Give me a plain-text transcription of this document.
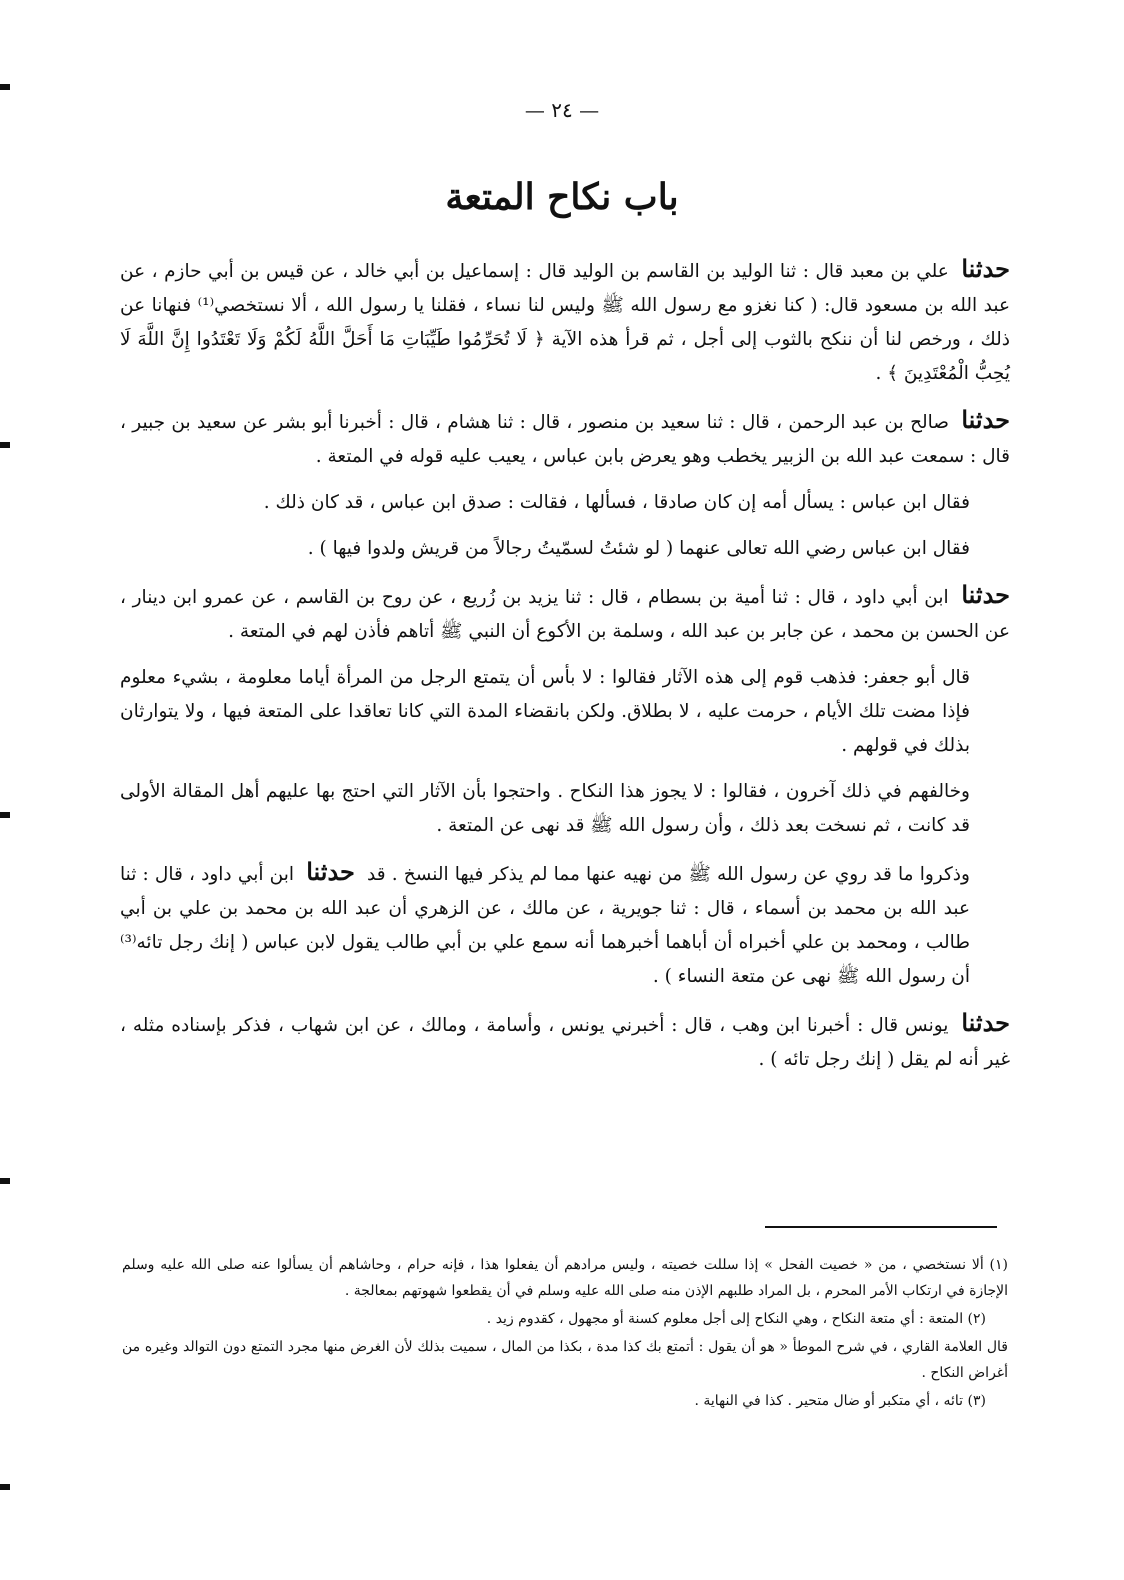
— ٢٤ —
باب نكاح المتعة

حدثنا علي بن معبد قال : ثنا الوليد بن القاسم بن الوليد قال : إسماعيل بن أبي خالد ، عن قيس بن أبي حازم ، عن عبد الله بن مسعود قال: ( كنا نغزو مع رسول الله ﷺ وليس لنا نساء ، فقلنا يا رسول الله ، ألا نستخصي⁽¹⁾ فنهانا عن ذلك ، ورخص لنا أن ننكح بالثوب إلى أجل ، ثم قرأ هذه الآية ﴿ لَا تُحَرِّمُوا طَيِّبَاتِ مَا أَحَلَّ اللَّهُ لَكُمْ وَلَا تَعْتَدُوا إِنَّ اللَّهَ لَا يُحِبُّ الْمُعْتَدِينَ ﴾ .

حدثنا صالح بن عبد الرحمن ، قال : ثنا سعيد بن منصور ، قال : ثنا هشام ، قال : أخبرنا أبو بشر عن سعيد بن جبير ، قال : سمعت عبد الله بن الزبير يخطب وهو يعرض بابن عباس ، يعيب عليه قوله في المتعة .

فقال ابن عباس : يسأل أمه إن كان صادقا ، فسألها ، فقالت : صدق ابن عباس ، قد كان ذلك .

فقال ابن عباس رضي الله تعالى عنهما ( لو شئتُ لسمّيتُ رجالاً من قريش ولدوا فيها ) .

حدثنا ابن أبي داود ، قال : ثنا أمية بن بسطام ، قال : ثنا يزيد بن زُريع ، عن روح بن القاسم ، عن عمرو ابن دينار ، عن الحسن بن محمد ، عن جابر بن عبد الله ، وسلمة بن الأكوع أن النبي ﷺ أتاهم فأذن لهم في المتعة .

قال أبو جعفر: فذهب قوم إلى هذه الآثار فقالوا : لا بأس أن يتمتع الرجل من المرأة أياما معلومة ، بشيء معلوم فإذا مضت تلك الأيام ، حرمت عليه ، لا بطلاق. ولكن بانقضاء المدة التي كانا تعاقدا على المتعة فيها ، ولا يتوارثان بذلك في قولهم .

وخالفهم في ذلك آخرون ، فقالوا : لا يجوز هذا النكاح . واحتجوا بأن الآثار التي احتج بها عليهم أهل المقالة الأولى قد كانت ، ثم نسخت بعد ذلك ، وأن رسول الله ﷺ قد نهى عن المتعة .

وذكروا ما قد روي عن رسول الله ﷺ من نهيه عنها مما لم يذكر فيها النسخ . قد حدثنا ابن أبي داود ، قال : ثنا عبد الله بن محمد بن أسماء ، قال : ثنا جويرية ، عن مالك ، عن الزهري أن عبد الله بن محمد بن علي بن أبي طالب ، ومحمد بن علي أخبراه أن أباهما أخبرهما أنه سمع علي بن أبي طالب يقول لابن عباس ( إنك رجل تائه⁽³⁾ أن رسول الله ﷺ نهى عن متعة النساء ) .

حدثنا يونس قال : أخبرنا ابن وهب ، قال : أخبرني يونس ، وأسامة ، ومالك ، عن ابن شهاب ، فذكر بإسناده مثله ، غير أنه لم يقل ( إنك رجل تائه ) .

(١) ألا نستخصي ، من « خصيت الفحل » إذا سللت خصيته ، وليس مرادهم أن يفعلوا هذا ، فإنه حرام ، وحاشاهم أن يسألوا عنه صلى الله عليه وسلم الإجازة في ارتكاب الأمر المحرم ، بل المراد طلبهم الإذن منه صلى الله عليه وسلم في أن يقطعوا شهوتهم بمعالجة .

(٢) المتعة : أي متعة النكاح ، وهي النكاح إلى أجل معلوم كسنة أو مجهول ، كقدوم زيد .

قال العلامة القاري ، في شرح الموطأ « هو أن يقول : أتمتع بك كذا مدة ، بكذا من المال ، سميت بذلك لأن الغرض منها مجرد التمتع دون التوالد وغيره من أغراض النكاح .

(٣) تائه ، أي متكبر أو ضال متحير . كذا في النهاية .
